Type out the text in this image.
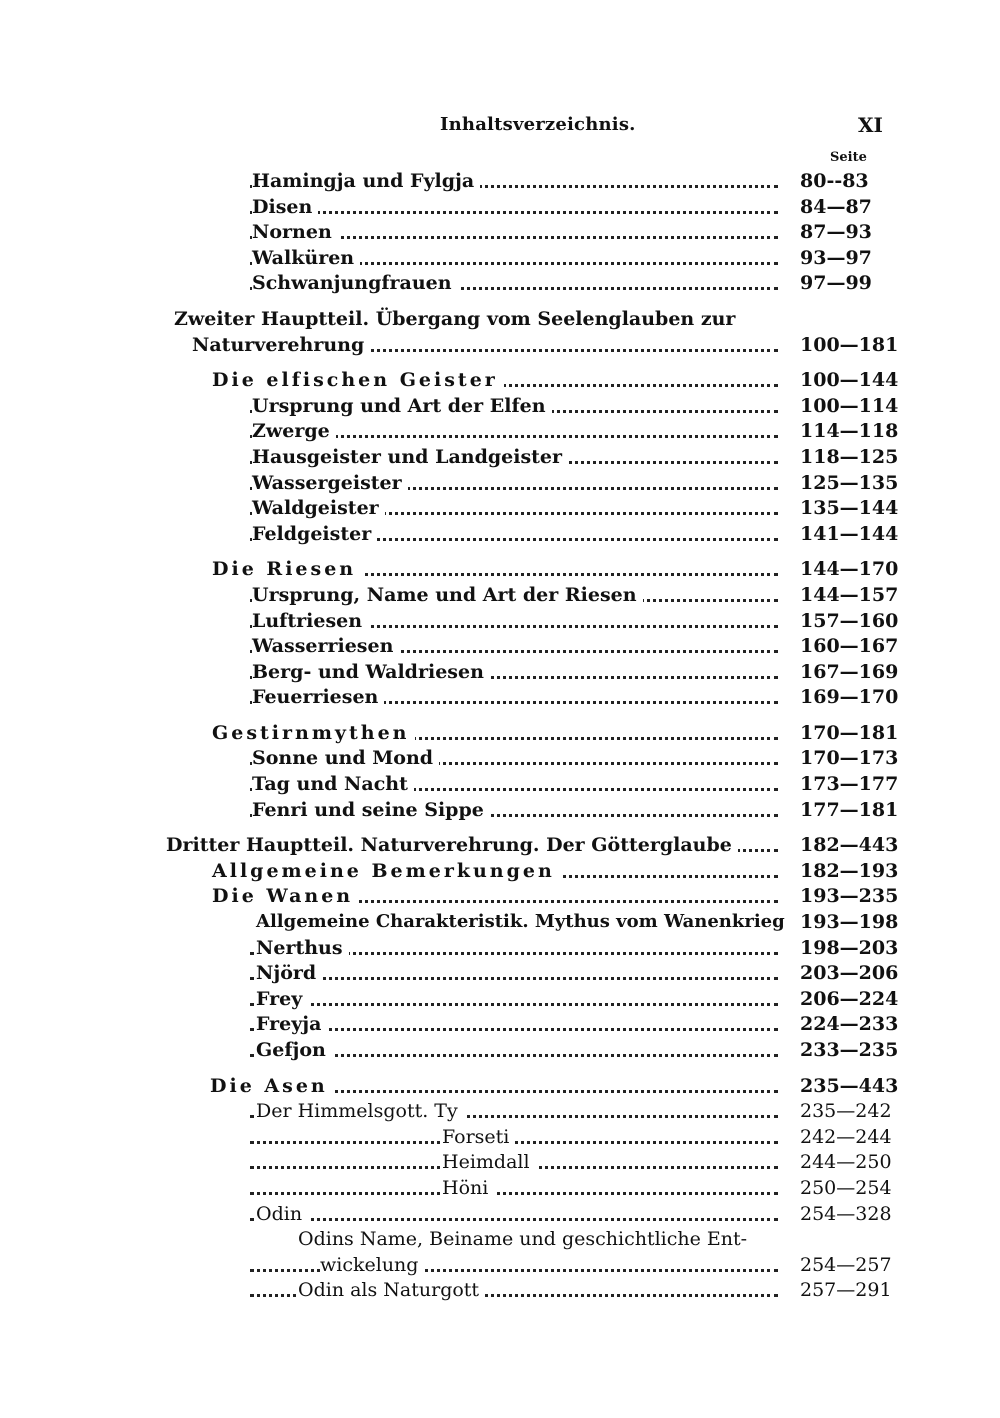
Inhaltsverzeichnis.	XI
Seite
Hamingja und Fylgja	80--83
Disen	84—87
Nornen	87—93
Walküren	93—97
Schwanjungfrauen	97—99
Zweiter Hauptteil. Übergang vom Seelenglauben zur
Naturverehrung	100—181
Die elfischen Geister	100—144
Ursprung und Art der Elfen	100—114
Zwerge	114—118
Hausgeister und Landgeister	118—125
Wassergeister	125—135
Waldgeister	135—144
Feldgeister	141—144
Die Riesen	144—170
Ursprung, Name und Art der Riesen	144—157
Luftriesen	157—160
Wasserriesen	160—167
Berg- und Waldriesen	167—169
Feuerriesen	169—170
Gestirnmythen	170—181
Sonne und Mond	170—173
Tag und Nacht	173—177
Fenri und seine Sippe	177—181
Dritter Hauptteil. Naturverehrung. Der Götterglaube	182—443
Allgemeine Bemerkungen	182—193
Die Wanen	193—235
Allgemeine Charakteristik. Mythus vom Wanenkrieg 193—198
Nerthus	198—203
Njörd	203—206
Frey	206—224
Freyja	224—233
Gefjon	233—235
Die Asen	235—443
Der Himmelsgott. Ty	235—242
Forseti	242—244
Heimdall	244—250
Höni	250—254
Odin	254—328
Odins Name, Beiname und geschichtliche Ent-
wickelung	254—257
Odin als Naturgott	257—291
